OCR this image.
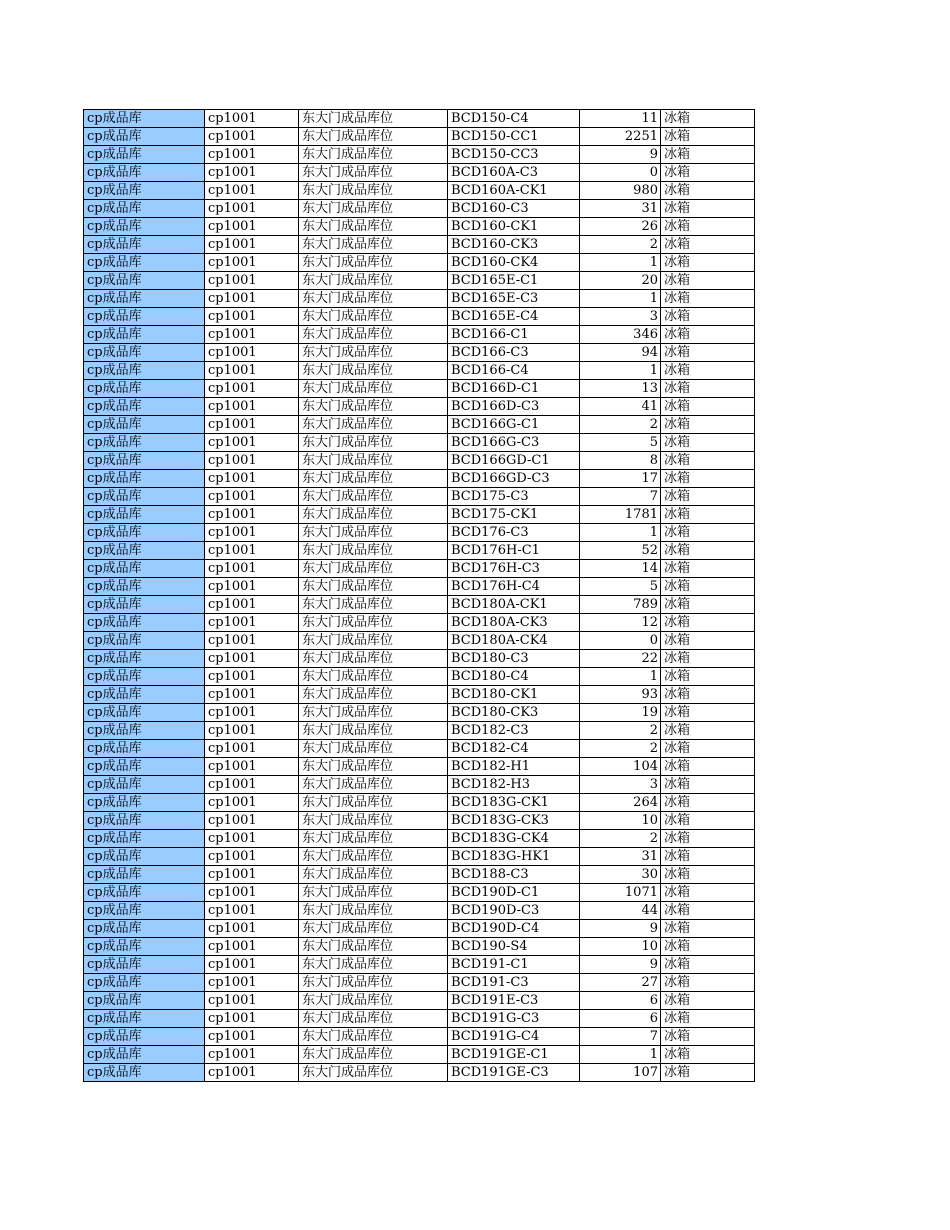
cp成品库	cp1001	东大门成品库位	BCD150-C4	11	冰箱
cp成品库	cp1001	东大门成品库位	BCD150-CC1	2251	冰箱
cp成品库	cp1001	东大门成品库位	BCD150-CC3	9	冰箱
cp成品库	cp1001	东大门成品库位	BCD160A-C3	0	冰箱
cp成品库	cp1001	东大门成品库位	BCD160A-CK1	980	冰箱
cp成品库	cp1001	东大门成品库位	BCD160-C3	31	冰箱
cp成品库	cp1001	东大门成品库位	BCD160-CK1	26	冰箱
cp成品库	cp1001	东大门成品库位	BCD160-CK3	2	冰箱
cp成品库	cp1001	东大门成品库位	BCD160-CK4	1	冰箱
cp成品库	cp1001	东大门成品库位	BCD165E-C1	20	冰箱
cp成品库	cp1001	东大门成品库位	BCD165E-C3	1	冰箱
cp成品库	cp1001	东大门成品库位	BCD165E-C4	3	冰箱
cp成品库	cp1001	东大门成品库位	BCD166-C1	346	冰箱
cp成品库	cp1001	东大门成品库位	BCD166-C3	94	冰箱
cp成品库	cp1001	东大门成品库位	BCD166-C4	1	冰箱
cp成品库	cp1001	东大门成品库位	BCD166D-C1	13	冰箱
cp成品库	cp1001	东大门成品库位	BCD166D-C3	41	冰箱
cp成品库	cp1001	东大门成品库位	BCD166G-C1	2	冰箱
cp成品库	cp1001	东大门成品库位	BCD166G-C3	5	冰箱
cp成品库	cp1001	东大门成品库位	BCD166GD-C1	8	冰箱
cp成品库	cp1001	东大门成品库位	BCD166GD-C3	17	冰箱
cp成品库	cp1001	东大门成品库位	BCD175-C3	7	冰箱
cp成品库	cp1001	东大门成品库位	BCD175-CK1	1781	冰箱
cp成品库	cp1001	东大门成品库位	BCD176-C3	1	冰箱
cp成品库	cp1001	东大门成品库位	BCD176H-C1	52	冰箱
cp成品库	cp1001	东大门成品库位	BCD176H-C3	14	冰箱
cp成品库	cp1001	东大门成品库位	BCD176H-C4	5	冰箱
cp成品库	cp1001	东大门成品库位	BCD180A-CK1	789	冰箱
cp成品库	cp1001	东大门成品库位	BCD180A-CK3	12	冰箱
cp成品库	cp1001	东大门成品库位	BCD180A-CK4	0	冰箱
cp成品库	cp1001	东大门成品库位	BCD180-C3	22	冰箱
cp成品库	cp1001	东大门成品库位	BCD180-C4	1	冰箱
cp成品库	cp1001	东大门成品库位	BCD180-CK1	93	冰箱
cp成品库	cp1001	东大门成品库位	BCD180-CK3	19	冰箱
cp成品库	cp1001	东大门成品库位	BCD182-C3	2	冰箱
cp成品库	cp1001	东大门成品库位	BCD182-C4	2	冰箱
cp成品库	cp1001	东大门成品库位	BCD182-H1	104	冰箱
cp成品库	cp1001	东大门成品库位	BCD182-H3	3	冰箱
cp成品库	cp1001	东大门成品库位	BCD183G-CK1	264	冰箱
cp成品库	cp1001	东大门成品库位	BCD183G-CK3	10	冰箱
cp成品库	cp1001	东大门成品库位	BCD183G-CK4	2	冰箱
cp成品库	cp1001	东大门成品库位	BCD183G-HK1	31	冰箱
cp成品库	cp1001	东大门成品库位	BCD188-C3	30	冰箱
cp成品库	cp1001	东大门成品库位	BCD190D-C1	1071	冰箱
cp成品库	cp1001	东大门成品库位	BCD190D-C3	44	冰箱
cp成品库	cp1001	东大门成品库位	BCD190D-C4	9	冰箱
cp成品库	cp1001	东大门成品库位	BCD190-S4	10	冰箱
cp成品库	cp1001	东大门成品库位	BCD191-C1	9	冰箱
cp成品库	cp1001	东大门成品库位	BCD191-C3	27	冰箱
cp成品库	cp1001	东大门成品库位	BCD191E-C3	6	冰箱
cp成品库	cp1001	东大门成品库位	BCD191G-C3	6	冰箱
cp成品库	cp1001	东大门成品库位	BCD191G-C4	7	冰箱
cp成品库	cp1001	东大门成品库位	BCD191GE-C1	1	冰箱
cp成品库	cp1001	东大门成品库位	BCD191GE-C3	107	冰箱
